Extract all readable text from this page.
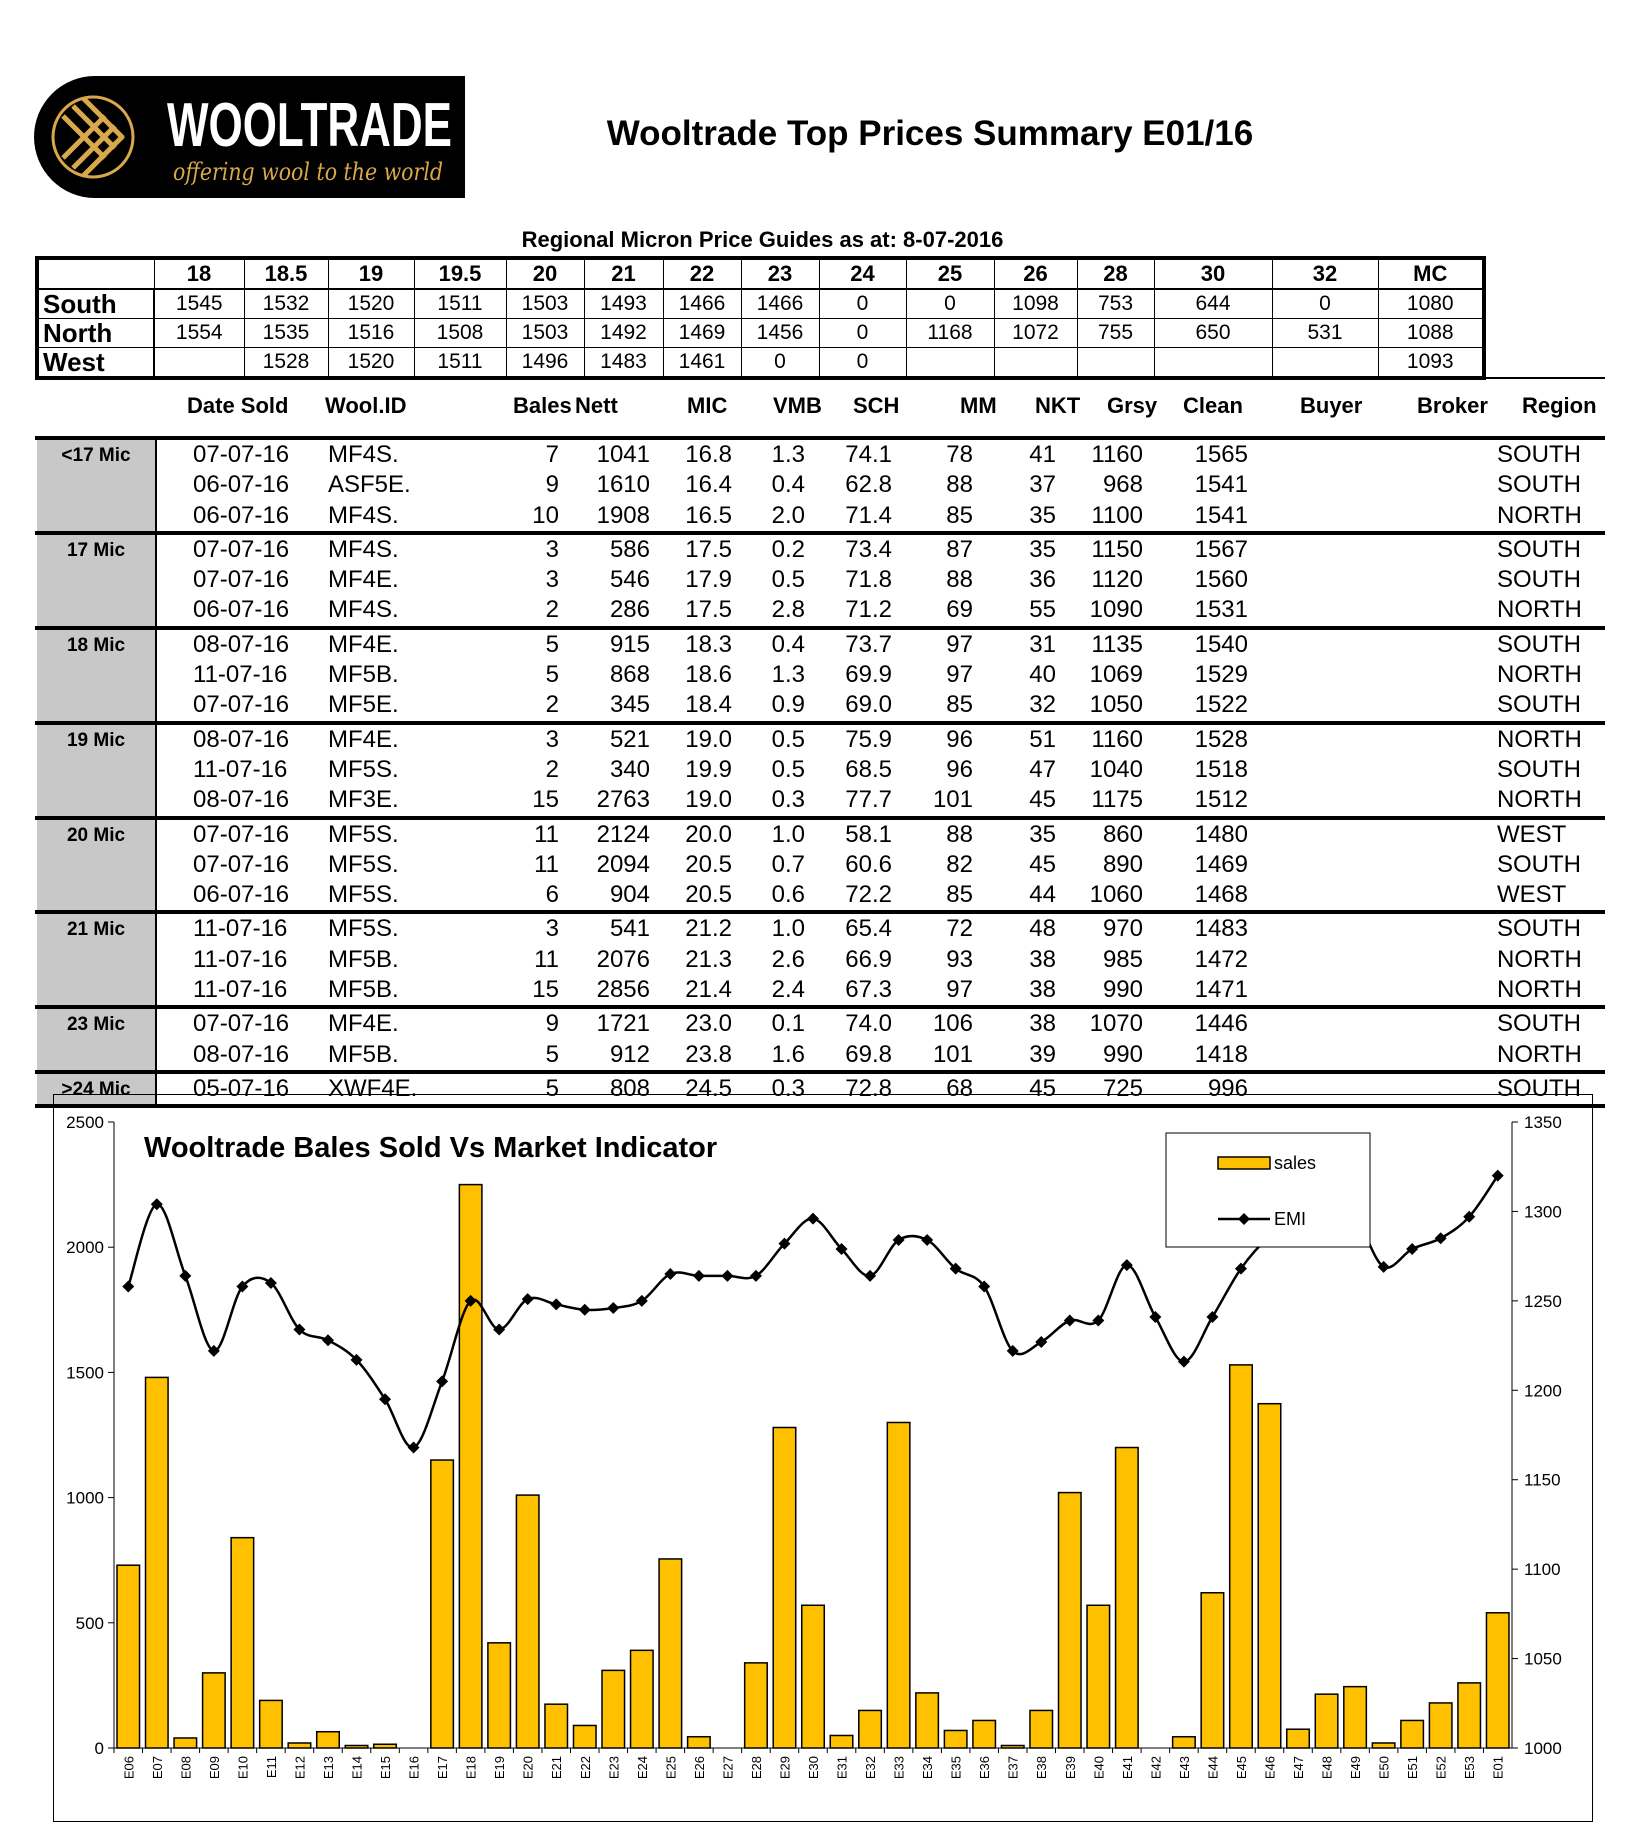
WOOLTRADE
offering wool to the world
Wooltrade Top Prices Summary E01/16
Regional Micron Price Guides as at: 8-07-2016
	18	18.5	19	19.5	20	21	22	23	24	25	26	28	30	32	MC
South	1545	1532	1520	1511	1503	1493	1466	1466	0	0	1098	753	644	0	1080
North	1554	1535	1516	1508	1503	1492	1469	1456	0	1168	1072	755	650	531	1088
West		1528	1520	1511	1496	1483	1461	0	0						1093
Date Sold Wool.ID	Bales Nett	MIC VMB SCH	MM NKT Grsy Clean	Buyer Broker Region
<17 Mic	07-07-16 MF4S.	7 1041 16.8 1.3 74.1 78 41 1160 1565	SOUTH
06-07-16 ASF5E.	9 1610 16.4 0.4 62.8 88 37 968 1541	SOUTH
06-07-16 MF4S.	10 1908 16.5 2.0 71.4 85 35 1100 1541	NORTH
17 Mic	07-07-16 MF4S.	3 586 17.5 0.2 73.4 87 35 1150 1567	SOUTH
07-07-16 MF4E.	3 546 17.9 0.5 71.8 88 36 1120 1560	SOUTH
06-07-16 MF4S.	2 286 17.5 2.8 71.2 69 55 1090 1531	NORTH
18 Mic	08-07-16 MF4E.	5 915 18.3 0.4 73.7 97 31 1135 1540	SOUTH
11-07-16 MF5B.	5 868 18.6 1.3 69.9 97 40 1069 1529	NORTH
07-07-16 MF5E.	2 345 18.4 0.9 69.0 85 32 1050 1522	SOUTH
19 Mic	08-07-16 MF4E.	3 521 19.0 0.5 75.9 96 51 1160 1528	NORTH
11-07-16 MF5S.	2 340 19.9 0.5 68.5 96 47 1040 1518	SOUTH
08-07-16 MF3E.	15 2763 19.0 0.3 77.7 101 45 1175 1512	NORTH
20 Mic	07-07-16 MF5S.	11 2124 20.0 1.0 58.1 88 35 860 1480	WEST
07-07-16 MF5S.	11 2094 20.5 0.7 60.6 82 45 890 1469	SOUTH
06-07-16 MF5S.	6 904 20.5 0.6 72.2 85 44 1060 1468	WEST
21 Mic	11-07-16 MF5S.	3 541 21.2 1.0 65.4 72 48 970 1483	SOUTH
11-07-16 MF5B.	11 2076 21.3 2.6 66.9 93 38 985 1472	NORTH
11-07-16 MF5B.	15 2856 21.4 2.4 67.3 97 38 990 1471	NORTH
23 Mic	07-07-16 MF4E.	9 1721 23.0 0.1 74.0 106 38 1070 1446	SOUTH
08-07-16 MF5B.	5 912 23.8 1.6 69.8 101 39 990 1418	NORTH
>24 Mic	05-07-16 XWF4E.	5 808 24.5 0.3 72.8 68 45 725	996	SOUTH
0
500
1000
1500
2000
2500
1000
1050
1100
1150
1200
1250
1300
1350
E06 E07 E08 E09 E10 E11 E12 E13 E14 E15 E16 E17 E18 E19 E20 E21 E22 E23 E24 E25 E26 E27 E28 E29 E30 E31 E32 E33 E34 E35 E36 E37 E38 E39 E40 E41 E42 E43 E44 E45 E46 E47 E48 E49 E50 E51 E52 E53 E01
Wooltrade Bales Sold Vs Market Indicator	sales
EMI
